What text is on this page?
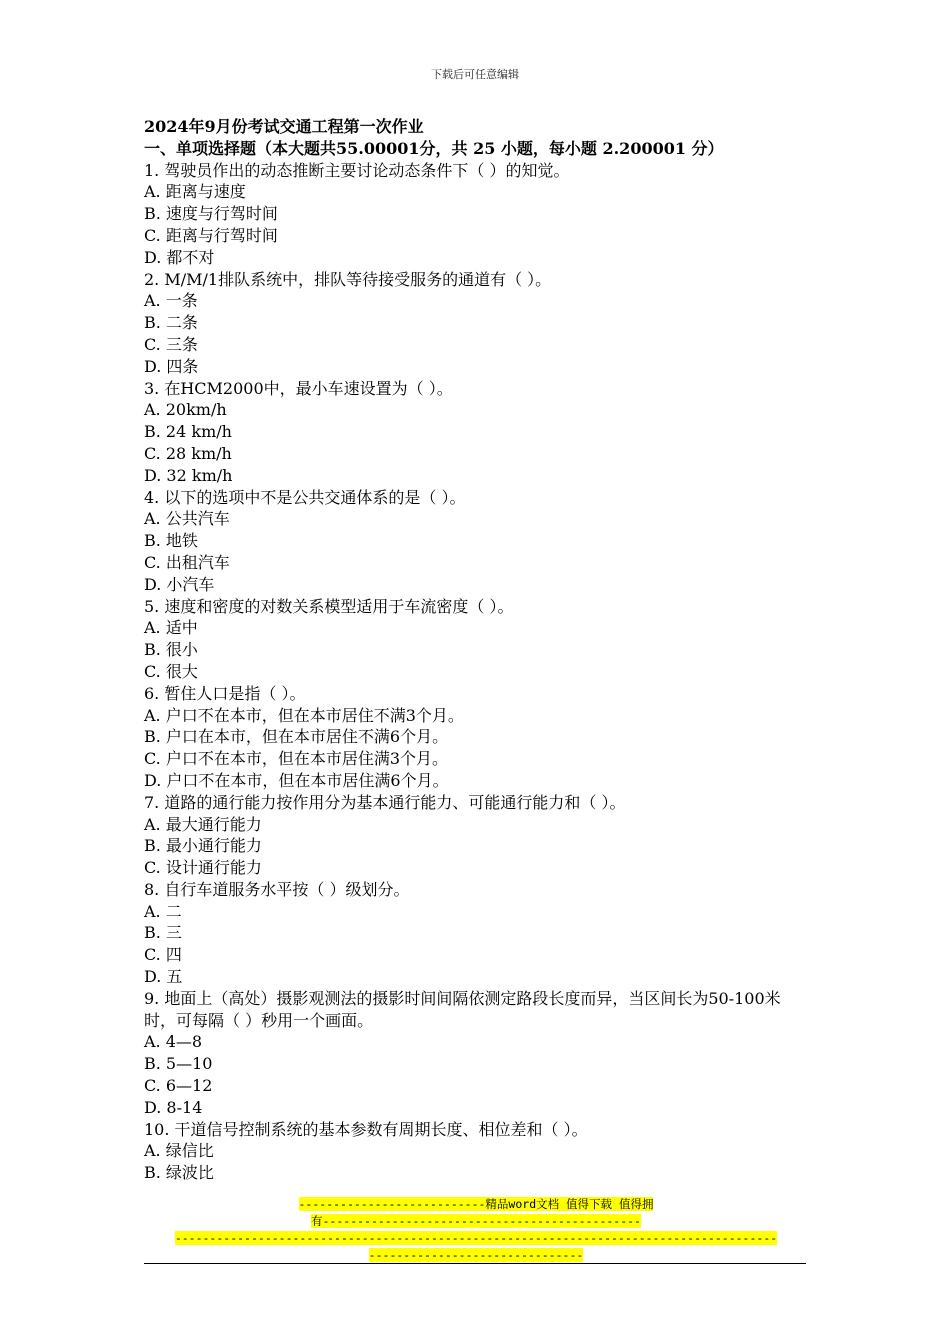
下载后可任意编辑
2024年9月份考试交通工程第一次作业
一、单项选择题（本大题共55.00001分，共 25 小题，每小题 2.200001 分）
1. 驾驶员作出的动态推断主要讨论动态条件下（ ）的知觉。
A. 距离与速度
B. 速度与行驾时间
C. 距离与行驾时间
D. 都不对
2. M/M/1排队系统中，排队等待接受服务的通道有（ ）。
A. 一条
B. 二条
C. 三条
D. 四条
3. 在HCM2000中，最小车速设置为（ ）。
A. 20km/h
B. 24 km/h
C. 28 km/h
D. 32 km/h
4. 以下的选项中不是公共交通体系的是（ ）。
A. 公共汽车
B. 地铁
C. 出租汽车
D. 小汽车
5. 速度和密度的对数关系模型适用于车流密度（ ）。
A. 适中
B. 很小
C. 很大
6. 暂住人口是指（ ）。
A. 户口不在本市，但在本市居住不满3个月。
B. 户口在本市，但在本市居住不满6个月。
C. 户口不在本市，但在本市居住满3个月。
D. 户口不在本市，但在本市居住满6个月。
7. 道路的通行能力按作用分为基本通行能力、可能通行能力和（ ）。
A. 最大通行能力
B. 最小通行能力
C. 设计通行能力
8. 自行车道服务水平按（ ）级划分。
A. 二
B. 三
C. 四
D. 五
9. 地面上（高处）摄影观测法的摄影时间间隔依测定路段长度而异，当区间长为50-100米时，可每隔（ ）秒用一个画面。
A. 4—8
B. 5—10
C. 6—12
D. 8-14
10. 干道信号控制系统的基本参数有周期长度、相位差和（ ）。
A. 绿信比
B. 绿波比
---------------------------精品word文档 值得下载 值得拥
有----------------------------------------------
---------------------------------------------------------------------------------------
-------------------------------
